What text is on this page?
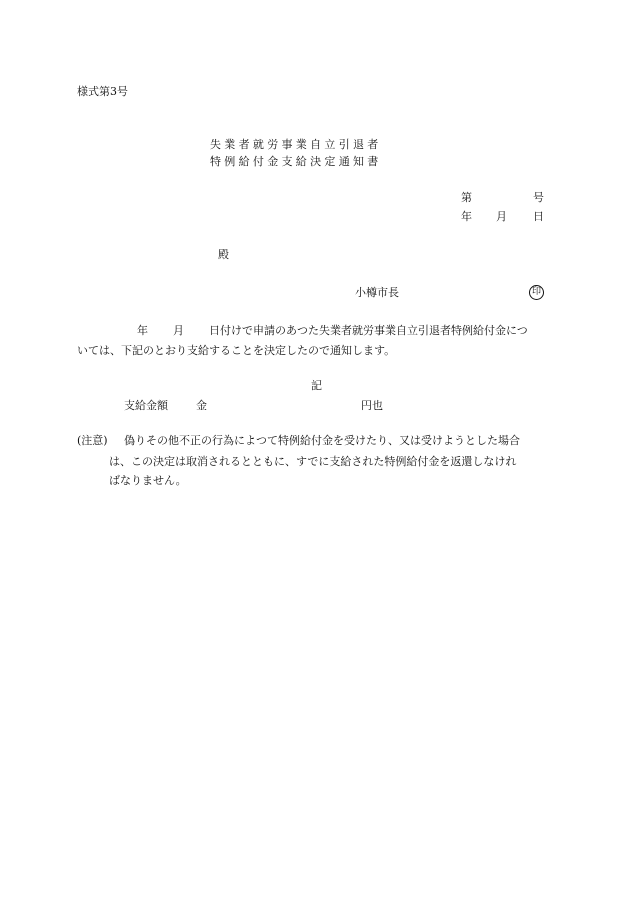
様式第3号
失業者就労事業自立引退者
特例給付金支給決定通知書
第	号
年 月 日
殿
小樽市長	印
年 月 日付けで申請のあつた失業者就労事業自立引退者特例給付金につ
いては、下記のとおり支給することを決定したので通知します。
記
支給金額	金	円也
(注意) 偽りその他不正の行為によつて特例給付金を受けたり、又は受けようとした場合
は、この決定は取消されるとともに、すでに支給された特例給付金を返還しなけれ
ばなりません。
